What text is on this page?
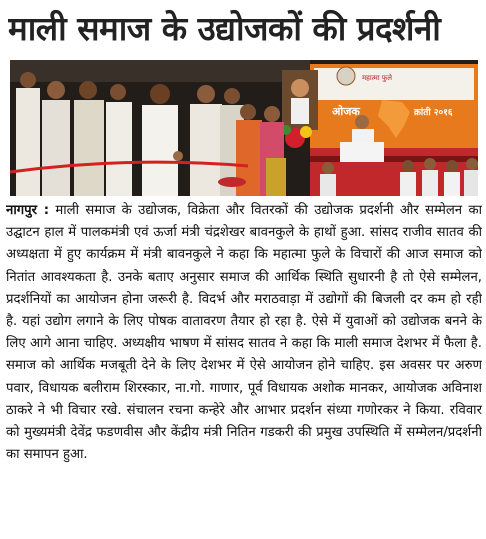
माली समाज के उद्योजकों की प्रदर्शनी
महात्मा फुले
ओजक	क्रांती २०१६
नागपुर : माली समाज के उद्योजक, विक्रेता और वितरकों की उद्योजक प्रदर्शनी और सम्मेलन का उद्घाटन हाल में पालकमंत्री एवं ऊर्जा मंत्री चंद्रशेखर बावनकुले के हाथों हुआ. सांसद राजीव सातव की अध्यक्षता में हुए कार्यक्रम में मंत्री बावनकुले ने कहा कि महात्मा फुले के विचारों की आज समाज को नितांत आवश्यकता है. उनके बताए अनुसार समाज की आर्थिक स्थिति सुधारनी है तो ऐसे सम्मेलन, प्रदर्शनियों का आयोजन होना जरूरी है. विदर्भ और मराठवाड़ा में उद्योगों की बिजली दर कम हो रही है. यहां उद्योग लगाने के लिए पोषक वातावरण तैयार हो रहा है. ऐसे में युवाओं को उद्योजक बनने के लिए आगे आना चाहिए. अध्यक्षीय भाषण में सांसद सातव ने कहा कि माली समाज देशभर में फैला है. समाज को आर्थिक मजबूती देने के लिए देशभर में ऐसे आयोजन होने चाहिए. इस अवसर पर अरुण पवार, विधायक बलीराम शिरस्कार, ना.गो. गाणार, पूर्व विधायक अशोक मानकर, आयोजक अविनाश ठाकरे ने भी विचार रखे. संचालन रचना कन्हेरे और आभार प्रदर्शन संध्या गणोरकर ने किया. रविवार को मुख्यमंत्री देवेंद्र फडणवीस और केंद्रीय मंत्री नितिन गडकरी की प्रमुख उपस्थिति में सम्मेलन/प्रदर्शनी का समापन हुआ.
